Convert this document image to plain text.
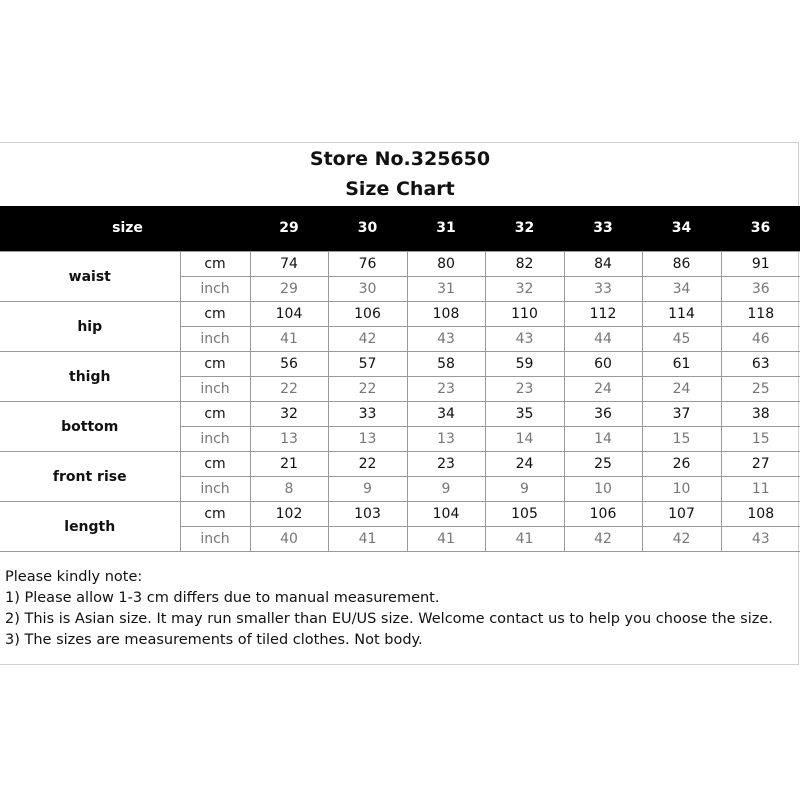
Store No.325650
Size Chart
size	29	30	31	32	33	34	36
waist	cm	74	76	80	82	84	86	91
	inch	29	30	31	32	33	34	36
hip	cm	104	106	108	110	112	114	118
	inch	41	42	43	43	44	45	46
thigh	cm	56	57	58	59	60	61	63
	inch	22	22	23	23	24	24	25
bottom	cm	32	33	34	35	36	37	38
	inch	13	13	13	14	14	15	15
front rise	cm	21	22	23	24	25	26	27
	inch	8	9	9	9	10	10	11
length	cm	102	103	104	105	106	107	108
	inch	40	41	41	41	42	42	43
Please kindly note:
1) Please allow 1-3 cm differs due to manual measurement.
2) This is Asian size. It may run smaller than EU/US size. Welcome contact us to help you choose the size.
3) The sizes are measurements of tiled clothes. Not body.
